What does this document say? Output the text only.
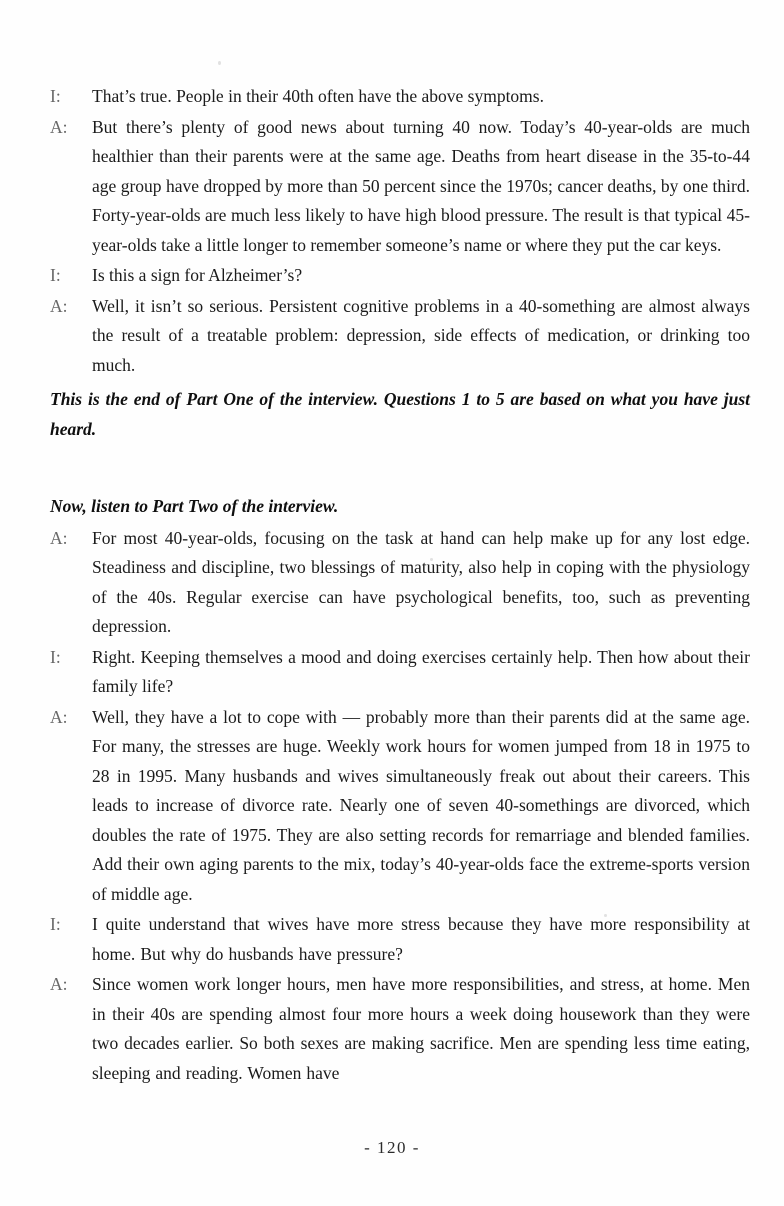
I:	That’s true. People in their 40th often have the above symptoms.
A:	But there’s plenty of good news about turning 40 now. Today’s 40-year-olds are much healthier than their parents were at the same age. Deaths from heart disease in the 35-to-44 age group have dropped by more than 50 percent since the 1970s; cancer deaths, by one third. Forty-year-olds are much less likely to have high blood pressure. The result is that typical 45-year-olds take a little longer to remember someone’s name or where they put the car keys.
I:	Is this a sign for Alzheimer’s?
A:	Well, it isn’t so serious. Persistent cognitive problems in a 40-something are almost always the result of a treatable problem: depression, side effects of medication, or drinking too much.
This is the end of Part One of the interview. Questions 1 to 5 are based on what you have just heard.
Now, listen to Part Two of the interview.
A:	For most 40-year-olds, focusing on the task at hand can help make up for any lost edge. Steadiness and discipline, two blessings of maturity, also help in coping with the physiology of the 40s. Regular exercise can have psychological benefits, too, such as preventing depression.
I:	Right. Keeping themselves a mood and doing exercises certainly help. Then how about their family life?
A:	Well, they have a lot to cope with — probably more than their parents did at the same age. For many, the stresses are huge. Weekly work hours for women jumped from 18 in 1975 to 28 in 1995. Many husbands and wives simultaneously freak out about their careers. This leads to increase of divorce rate. Nearly one of seven 40-somethings are divorced, which doubles the rate of 1975. They are also setting records for remarriage and blended families. Add their own aging parents to the mix, today’s 40-year-olds face the extreme-sports version of middle age.
I:	I quite understand that wives have more stress because they have more responsibility at home. But why do husbands have pressure?
A:	Since women work longer hours, men have more responsibilities, and stress, at home. Men in their 40s are spending almost four more hours a week doing housework than they were two decades earlier. So both sexes are making sacrifice. Men are spending less time eating, sleeping and reading. Women have
- 120 -
